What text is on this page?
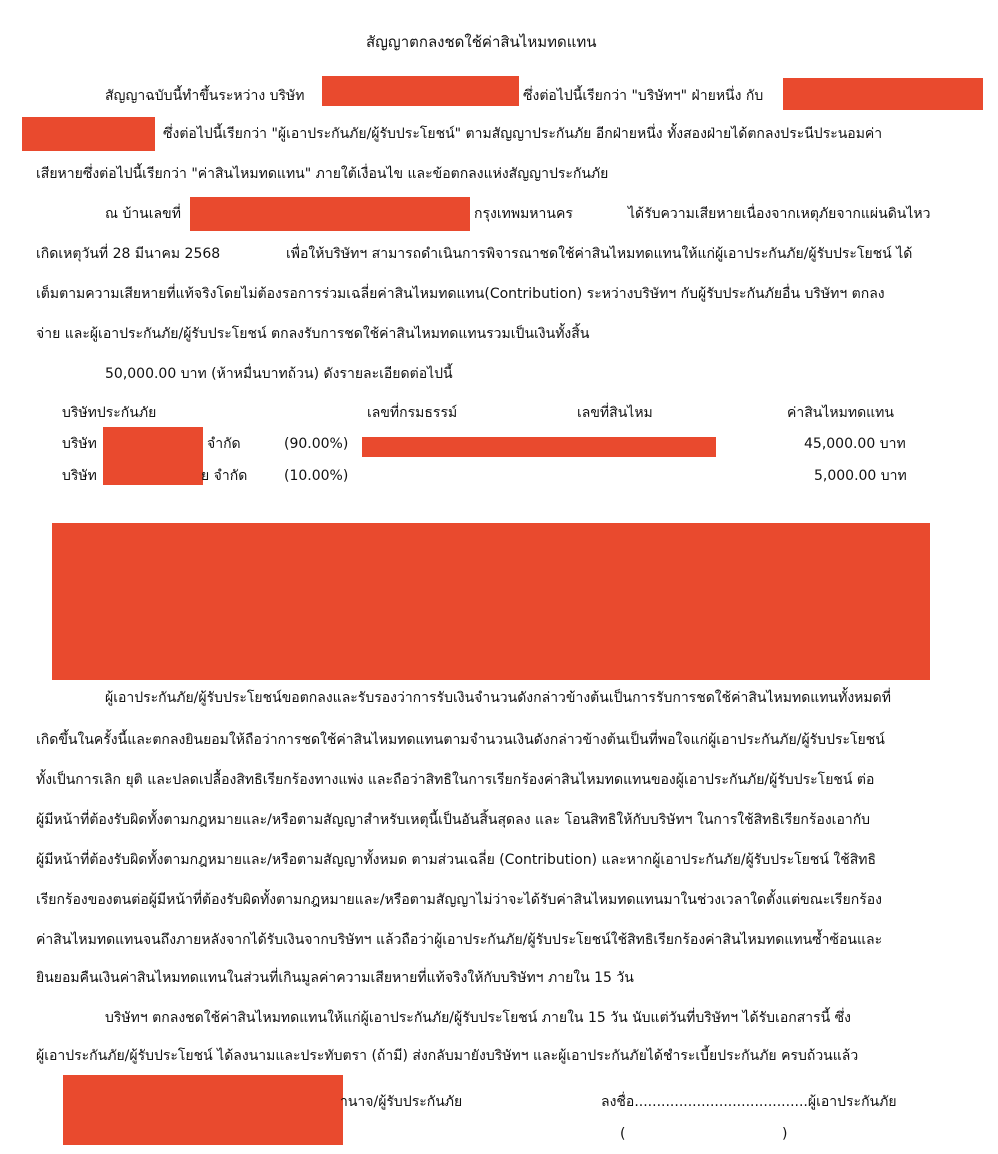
สัญญาตกลงชดใช้ค่าสินไหมทดแทน
สัญญาฉบับนี้ทำขึ้นระหว่าง บริษัท	ซึ่งต่อไปนี้เรียกว่า "บริษัทฯ" ฝ่ายหนึ่ง กับ
ซึ่งต่อไปนี้เรียกว่า "ผู้เอาประกันภัย/ผู้รับประโยชน์" ตามสัญญาประกันภัย อีกฝ่ายหนึ่ง ทั้งสองฝ่ายได้ตกลงประนีประนอมค่า
เสียหายซึ่งต่อไปนี้เรียกว่า "ค่าสินไหมทดแทน" ภายใต้เงื่อนไข และข้อตกลงแห่งสัญญาประกันภัย
ณ บ้านเลขที่	กรุงเทพมหานคร	ได้รับความเสียหายเนื่องจากเหตุภัยจากแผ่นดินไหว
เกิดเหตุวันที่ 28 มีนาคม 2568	เพื่อให้บริษัทฯ สามารถดำเนินการพิจารณาชดใช้ค่าสินไหมทดแทนให้แก่ผู้เอาประกันภัย/ผู้รับประโยชน์ ได้
เต็มตามความเสียหายที่แท้จริงโดยไม่ต้องรอการร่วมเฉลี่ยค่าสินไหมทดแทน(Contribution) ระหว่างบริษัทฯ กับผู้รับประกันภัยอื่น บริษัทฯ ตกลง
จ่าย และผู้เอาประกันภัย/ผู้รับประโยชน์ ตกลงรับการชดใช้ค่าสินไหมทดแทนรวมเป็นเงินทั้งสิ้น
50,000.00 บาท (ห้าหมื่นบาทถ้วน) ดังรายละเอียดต่อไปนี้
บริษัทประกันภัย	เลขที่กรมธรรม์	เลขที่สินไหม	ค่าสินไหมทดแทน
บริษัท	จำกัด	(90.00%)	45,000.00 บาท
บริษัท	ย จำกัด	(10.00%)	5,000.00 บาท
ผู้เอาประกันภัย/ผู้รับประโยชน์ขอตกลงและรับรองว่าการรับเงินจำนวนดังกล่าวข้างต้นเป็นการรับการชดใช้ค่าสินไหมทดแทนทั้งหมดที่
เกิดขึ้นในครั้งนี้และตกลงยินยอมให้ถือว่าการชดใช้ค่าสินไหมทดแทนตามจำนวนเงินดังกล่าวข้างต้นเป็นที่พอใจแก่ผู้เอาประกันภัย/ผู้รับประโยชน์
ทั้งเป็นการเลิก ยุติ และปลดเปลื้องสิทธิเรียกร้องทางแพ่ง และถือว่าสิทธิในการเรียกร้องค่าสินไหมทดแทนของผู้เอาประกันภัย/ผู้รับประโยชน์ ต่อ
ผู้มีหน้าที่ต้องรับผิดทั้งตามกฎหมายและ/หรือตามสัญญาสำหรับเหตุนี้เป็นอันสิ้นสุดลง และ โอนสิทธิให้กับบริษัทฯ ในการใช้สิทธิเรียกร้องเอากับ
ผู้มีหน้าที่ต้องรับผิดทั้งตามกฎหมายและ/หรือตามสัญญาทั้งหมด ตามส่วนเฉลี่ย (Contribution) และหากผู้เอาประกันภัย/ผู้รับประโยชน์ ใช้สิทธิ
เรียกร้องของตนต่อผู้มีหน้าที่ต้องรับผิดทั้งตามกฎหมายและ/หรือตามสัญญาไม่ว่าจะได้รับค่าสินไหมทดแทนมาในช่วงเวลาใดตั้งแต่ขณะเรียกร้อง
ค่าสินไหมทดแทนจนถึงภายหลังจากได้รับเงินจากบริษัทฯ แล้วถือว่าผู้เอาประกันภัย/ผู้รับประโยชน์ใช้สิทธิเรียกร้องค่าสินไหมทดแทนซ้ำซ้อนและ
ยินยอมคืนเงินค่าสินไหมทดแทนในส่วนที่เกินมูลค่าความเสียหายที่แท้จริงให้กับบริษัทฯ ภายใน 15 วัน
บริษัทฯ ตกลงชดใช้ค่าสินไหมทดแทนให้แก่ผู้เอาประกันภัย/ผู้รับประโยชน์ ภายใน 15 วัน นับแต่วันที่บริษัทฯ ได้รับเอกสารนี้ ซึ่ง
ผู้เอาประกันภัย/ผู้รับประโยชน์ ได้ลงนามและประทับตรา (ถ้ามี) ส่งกลับมายังบริษัทฯ และผู้เอาประกันภัยได้ชำระเบี้ยประกันภัย ครบถ้วนแล้ว
านาจ/ผู้รับประกันภัย	ลงชื่อ.......................................ผู้เอาประกันภัย
(	)
